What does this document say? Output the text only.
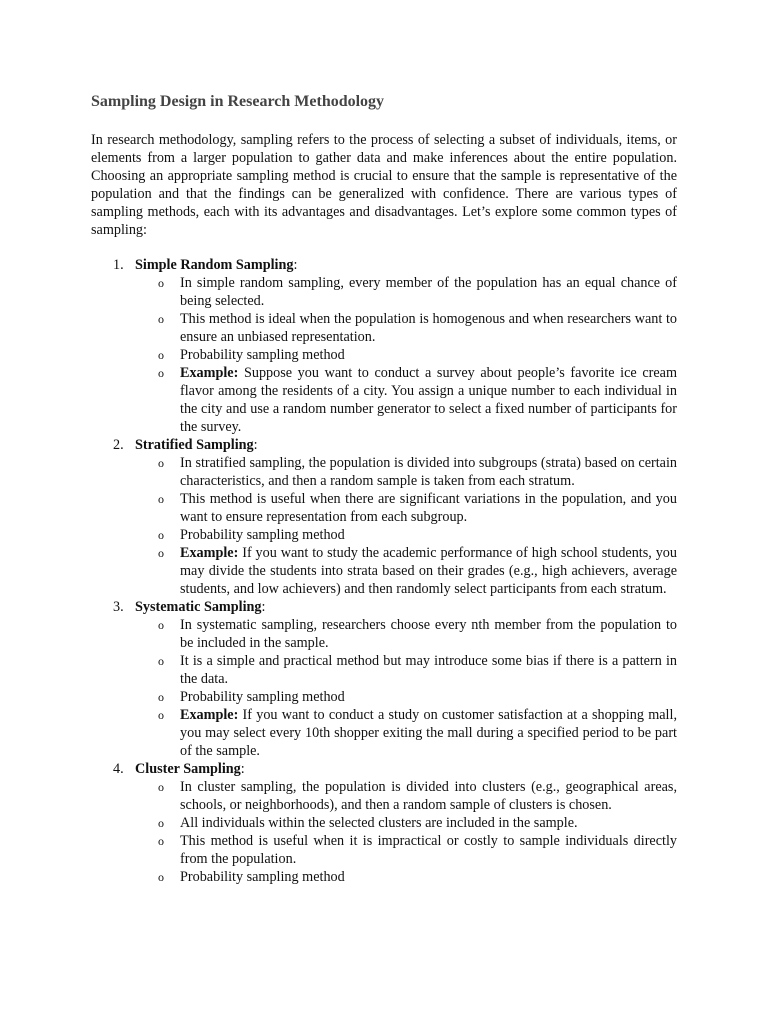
Sampling Design in Research Methodology
In research methodology, sampling refers to the process of selecting a subset of individuals, items, or elements from a larger population to gather data and make inferences about the entire population. Choosing an appropriate sampling method is crucial to ensure that the sample is representative of the population and that the findings can be generalized with confidence. There are various types of sampling methods, each with its advantages and disadvantages. Let’s explore some common types of sampling:
1. Simple Random Sampling:
o In simple random sampling, every member of the population has an equal chance of being selected.
o This method is ideal when the population is homogenous and when researchers want to ensure an unbiased representation.
o Probability sampling method
o Example: Suppose you want to conduct a survey about people’s favorite ice cream flavor among the residents of a city. You assign a unique number to each individual in the city and use a random number generator to select a fixed number of participants for the survey.
2. Stratified Sampling:
o In stratified sampling, the population is divided into subgroups (strata) based on certain characteristics, and then a random sample is taken from each stratum.
o This method is useful when there are significant variations in the population, and you want to ensure representation from each subgroup.
o Probability sampling method
o Example: If you want to study the academic performance of high school students, you may divide the students into strata based on their grades (e.g., high achievers, average students, and low achievers) and then randomly select participants from each stratum.
3. Systematic Sampling:
o In systematic sampling, researchers choose every nth member from the population to be included in the sample.
o It is a simple and practical method but may introduce some bias if there is a pattern in the data.
o Probability sampling method
o Example: If you want to conduct a study on customer satisfaction at a shopping mall, you may select every 10th shopper exiting the mall during a specified period to be part of the sample.
4. Cluster Sampling:
o In cluster sampling, the population is divided into clusters (e.g., geographical areas, schools, or neighborhoods), and then a random sample of clusters is chosen.
o All individuals within the selected clusters are included in the sample.
o This method is useful when it is impractical or costly to sample individuals directly from the population.
o Probability sampling method
